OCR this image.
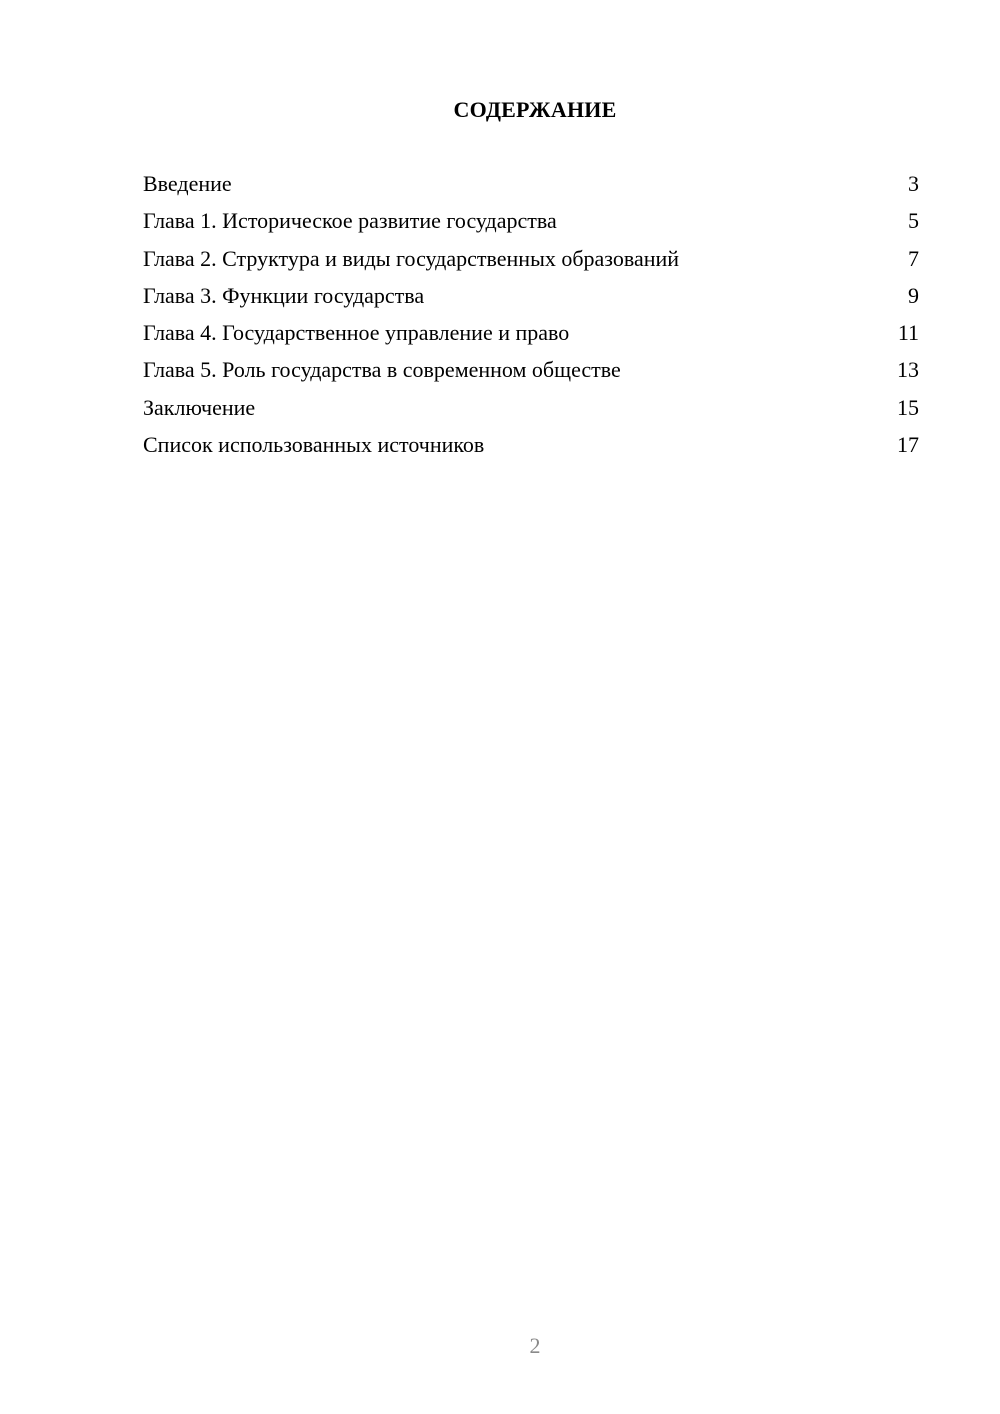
СОДЕРЖАНИЕ
Введение	3
Глава 1. Историческое развитие государства	5
Глава 2. Структура и виды государственных образований	7
Глава 3. Функции государства	9
Глава 4. Государственное управление и право	11
Глава 5. Роль государства в современном обществе	13
Заключение	15
Список использованных источников	17
2
